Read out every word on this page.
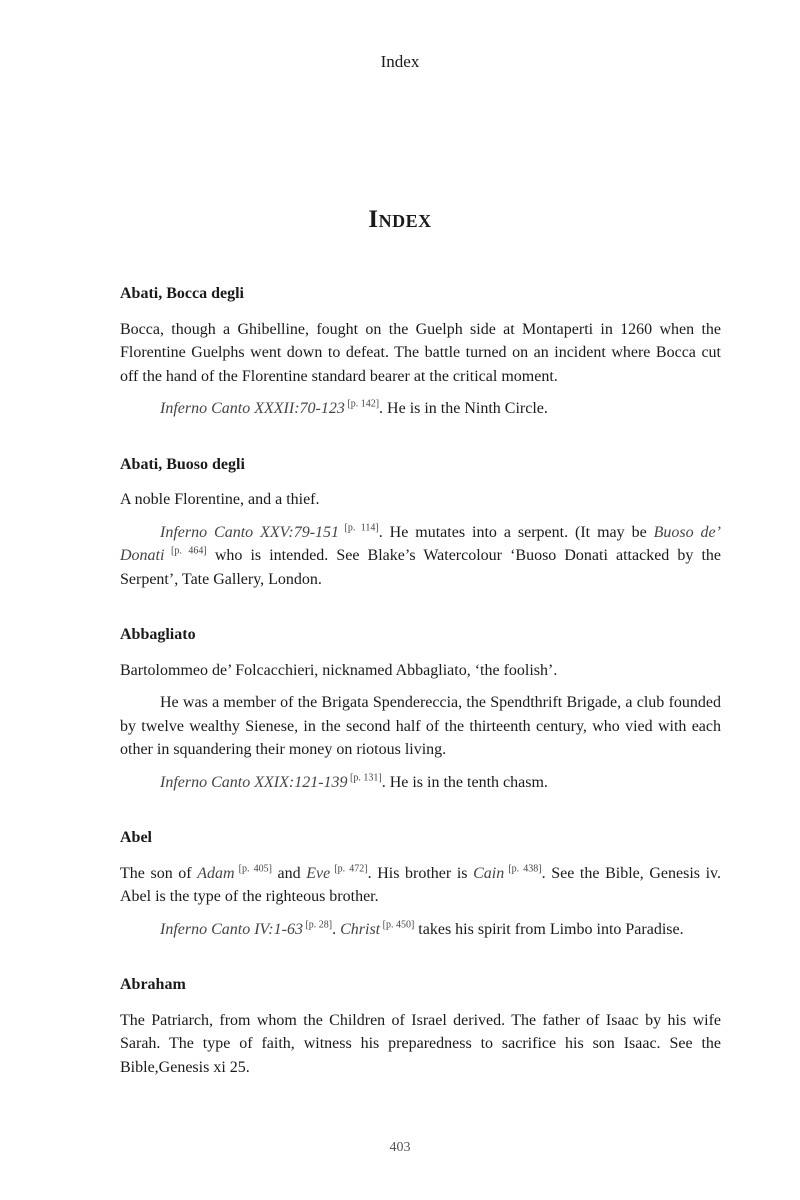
Index
Index
Abati, Bocca degli

Bocca, though a Ghibelline, fought on the Guelph side at Montaperti in 1260 when the Florentine Guelphs went down to defeat. The battle turned on an incident where Bocca cut off the hand of the Florentine standard bearer at the critical moment.

Inferno Canto XXXII:70-123 [p. 142]. He is in the Ninth Circle.

Abati, Buoso degli

A noble Florentine, and a thief.

Inferno Canto XXV:79-151 [p. 114]. He mutates into a serpent. (It may be Buoso de’ Donati [p. 464] who is intended. See Blake’s Watercolour ‘Buoso Donati attacked by the Serpent’, Tate Gallery, London.

Abbagliato

Bartolommeo de’ Folcacchieri, nicknamed Abbagliato, ‘the foolish’.

He was a member of the Brigata Spendereccia, the Spendthrift Brigade, a club founded by twelve wealthy Sienese, in the second half of the thirteenth century, who vied with each other in squandering their money on riotous living.

Inferno Canto XXIX:121-139 [p. 131]. He is in the tenth chasm.

Abel

The son of Adam [p. 405] and Eve [p. 472]. His brother is Cain [p. 438]. See the Bible, Genesis iv. Abel is the type of the righteous brother.

Inferno Canto IV:1-63 [p. 28]. Christ [p. 450] takes his spirit from Limbo into Paradise.

Abraham

The Patriarch, from whom the Children of Israel derived. The father of Isaac by his wife Sarah. The type of faith, witness his preparedness to sacrifice his son Isaac. See the Bible,Genesis xi 25.

403
